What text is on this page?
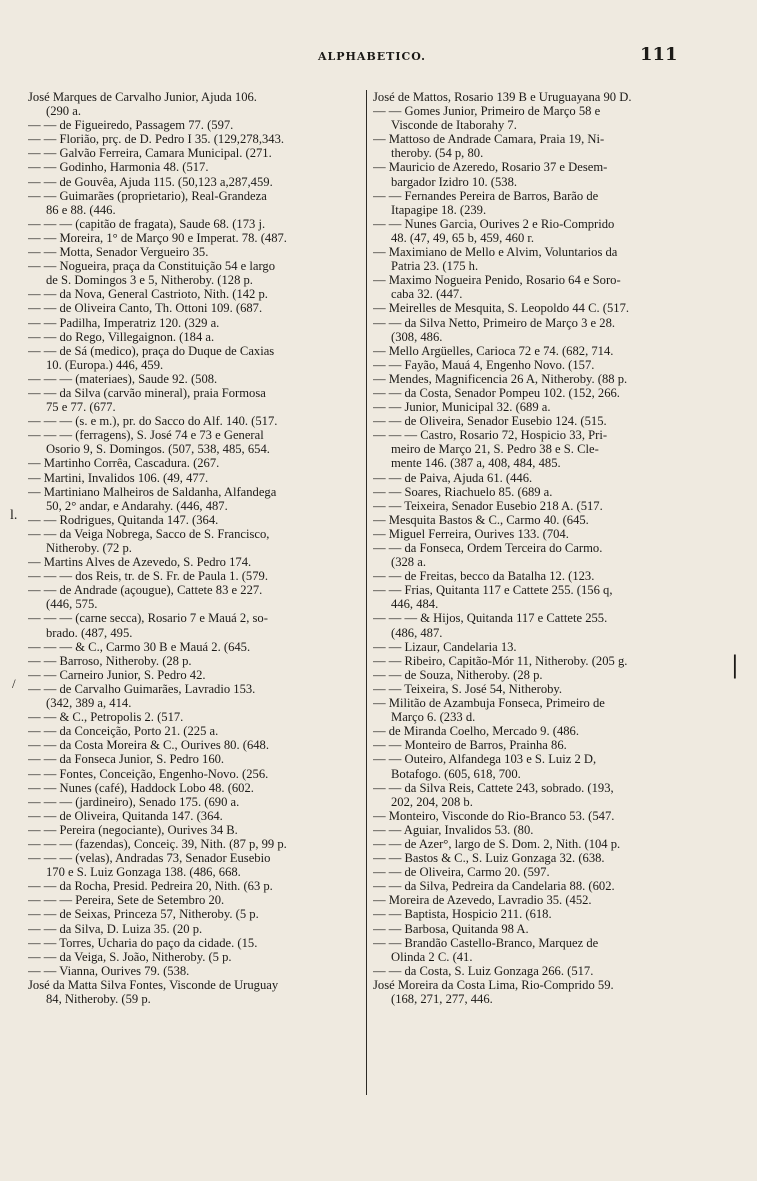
ALPHABETICO.	111
José Marques de Carvalho Junior, Ajuda 106.
(290 a.
— — de Figueiredo, Passagem 77. (597.
— — Florião, prç. de D. Pedro I 35. (129,278,343.
— — Galvão Ferreira, Camara Municipal. (271.
— — Godinho, Harmonia 48. (517.
— — de Gouvêa, Ajuda 115. (50,123 a,287,459.
— — Guimarães (proprietario), Real-Grandeza
86 e 88. (446.
— — — (capitão de fragata), Saude 68. (173 j.
— — Moreira, 1° de Março 90 e Imperat. 78. (487.
— — Motta, Senador Vergueiro 35.
— — Nogueira, praça da Constituição 54 e largo
de S. Domingos 3 e 5, Nitheroby. (128 p.
— — da Nova, General Castrioto, Nith. (142 p.
— — de Oliveira Canto, Th. Ottoni 109. (687.
— — Padilha, Imperatriz 120. (329 a.
— — do Rego, Villegaignon. (184 a.
— — de Sá (medico), praça do Duque de Caxias
10. (Europa.) 446, 459.
— — — (materiaes), Saude 92. (508.
— — da Silva (carvão mineral), praia Formosa
75 e 77. (677.
— — — (s. e m.), pr. do Sacco do Alf. 140. (517.
— — — (ferragens), S. José 74 e 73 e General
Osorio 9, S. Domingos. (507, 538, 485, 654.
— Martinho Corrêa, Cascadura. (267.
— Martini, Invalidos 106. (49, 477.
— Martiniano Malheiros de Saldanha, Alfandega
50, 2° andar, e Andarahy. (446, 487.
— — Rodrigues, Quitanda 147. (364.
— — da Veiga Nobrega, Sacco de S. Francisco,
Nitheroby. (72 p.
— Martins Alves de Azevedo, S. Pedro 174.
— — — dos Reis, tr. de S. Fr. de Paula 1. (579.
— — de Andrade (açougue), Cattete 83 e 227.
(446, 575.
— — — (carne secca), Rosario 7 e Mauá 2, so-
brado. (487, 495.
— — — & C., Carmo 30 B e Mauá 2. (645.
— — Barroso, Nitheroby. (28 p.
— — Carneiro Junior, S. Pedro 42.
— — de Carvalho Guimarães, Lavradio 153.
(342, 389 a, 414.
— — & C., Petropolis 2. (517.
— — da Conceição, Porto 21. (225 a.
— — da Costa Moreira & C., Ourives 80. (648.
— — da Fonseca Junior, S. Pedro 160.
— — Fontes, Conceição, Engenho-Novo. (256.
— — Nunes (café), Haddock Lobo 48. (602.
— — — (jardineiro), Senado 175. (690 a.
— — de Oliveira, Quitanda 147. (364.
— — Pereira (negociante), Ourives 34 B.
— — — (fazendas), Conceiç. 39, Nith. (87 p, 99 p.
— — — (velas), Andradas 73, Senador Eusebio
170 e S. Luiz Gonzaga 138. (486, 668.
— — da Rocha, Presid. Pedreira 20, Nith. (63 p.
— — — Pereira, Sete de Setembro 20.
— — de Seixas, Princeza 57, Nitheroby. (5 p.
— — da Silva, D. Luiza 35. (20 p.
— — Torres, Ucharia do paço da cidade. (15.
— — da Veiga, S. João, Nitheroby. (5 p.
— — Vianna, Ourives 79. (538.
José da Matta Silva Fontes, Visconde de Uruguay
84, Nitheroby. (59 p.
José de Mattos, Rosario 139 B e Uruguayana 90 D.
— — Gomes Junior, Primeiro de Março 58 e
Visconde de Itaborahy 7.
— Mattoso de Andrade Camara, Praia 19, Ni-
theroby. (54 p, 80.
— Mauricio de Azeredo, Rosario 37 e Desem-
bargador Izidro 10. (538.
— — Fernandes Pereira de Barros, Barão de
Itapagipe 18. (239.
— — Nunes Garcia, Ourives 2 e Rio-Comprido
48. (47, 49, 65 b, 459, 460 r.
— Maximiano de Mello e Alvim, Voluntarios da
Patria 23. (175 h.
— Maximo Nogueira Penido, Rosario 64 e Soro-
caba 32. (447.
— Meirelles de Mesquita, S. Leopoldo 44 C. (517.
— — da Silva Netto, Primeiro de Março 3 e 28.
(308, 486.
— Mello Argüelles, Carioca 72 e 74. (682, 714.
— — Fayão, Mauá 4, Engenho Novo. (157.
— Mendes, Magnificencia 26 A, Nitheroby. (88 p.
— — da Costa, Senador Pompeu 102. (152, 266.
— — Junior, Municipal 32. (689 a.
— — de Oliveira, Senador Eusebio 124. (515.
— — — Castro, Rosario 72, Hospicio 33, Pri-
meiro de Março 21, S. Pedro 38 e S. Cle-
mente 146. (387 a, 408, 484, 485.
— — de Paiva, Ajuda 61. (446.
— — Soares, Riachuelo 85. (689 a.
— — Teixeira, Senador Eusebio 218 A. (517.
— Mesquita Bastos & C., Carmo 40. (645.
— Miguel Ferreira, Ourives 133. (704.
— — da Fonseca, Ordem Terceira do Carmo.
(328 a.
— — de Freitas, becco da Batalha 12. (123.
— — Frias, Quitanta 117 e Cattete 255. (156 q,
446, 484.
— — — & Hijos, Quitanda 117 e Cattete 255.
(486, 487.
— — Lizaur, Candelaria 13.
— — Ribeiro, Capitão-Mór 11, Nitheroby. (205 g.
— — de Souza, Nitheroby. (28 p.
— — Teixeira, S. José 54, Nitheroby.
— Militão de Azambuja Fonseca, Primeiro de
Março 6. (233 d.
— de Miranda Coelho, Mercado 9. (486.
— — Monteiro de Barros, Prainha 86.
— — Outeiro, Alfandega 103 e S. Luiz 2 D,
Botafogo. (605, 618, 700.
— — da Silva Reis, Cattete 243, sobrado. (193,
202, 204, 208 b.
— Monteiro, Visconde do Rio-Branco 53. (547.
— — Aguiar, Invalidos 53. (80.
— — de Azer°, largo de S. Dom. 2, Nith. (104 p.
— — Bastos & C., S. Luiz Gonzaga 32. (638.
— — de Oliveira, Carmo 20. (597.
— — da Silva, Pedreira da Candelaria 88. (602.
— Moreira de Azevedo, Lavradio 35. (452.
— — Baptista, Hospicio 211. (618.
— — Barbosa, Quitanda 98 A.
— — Brandão Castello-Branco, Marquez de
Olinda 2 C. (41.
— — da Costa, S. Luiz Gonzaga 266. (517.
José Moreira da Costa Lima, Rio-Comprido 59.
(168, 271, 277, 446.
l.
/
|
